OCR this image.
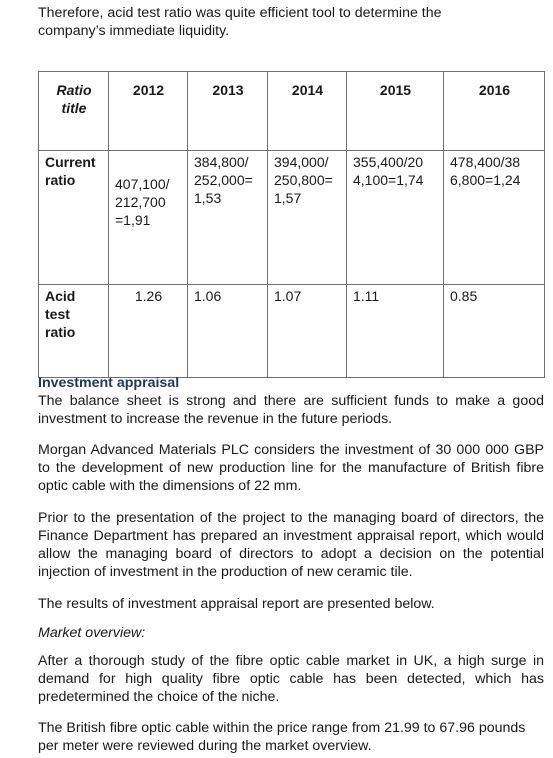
Therefore, acid test ratio was quite efficient tool to determine the

company’s immediate liquidity.

Ratio title	2012	2013	2014	2015	2016
Current ratio	407,100/ 212,700 =1,91	384,800/ 252,000= 1,53	394,000/ 250,800= 1,57	355,400/20 4,100=1,74	478,400/38 6,800=1,24
Acid test ratio	1.26	1.06	1.07	1.11	0.85

Investment appraisal

The balance sheet is strong and there are sufficient funds to make a good investment to increase the revenue in the future periods.

Morgan Advanced Materials PLC considers the investment of 30 000 000 GBP to the development of new production line for the manufacture of British fibre optic cable with the dimensions of 22 mm.

Prior to the presentation of the project to the managing board of directors, the Finance Department has prepared an investment appraisal report, which would allow the managing board of directors to adopt a decision on the potential injection of investment in the production of new ceramic tile.

The results of investment appraisal report are presented below.

Market overview:

After a thorough study of the fibre optic cable market in UK, a high surge in demand for high quality fibre optic cable has been detected, which has predetermined the choice of the niche.

The British fibre optic cable within the price range from 21.99 to 67.96 pounds per meter were reviewed during the market overview.
